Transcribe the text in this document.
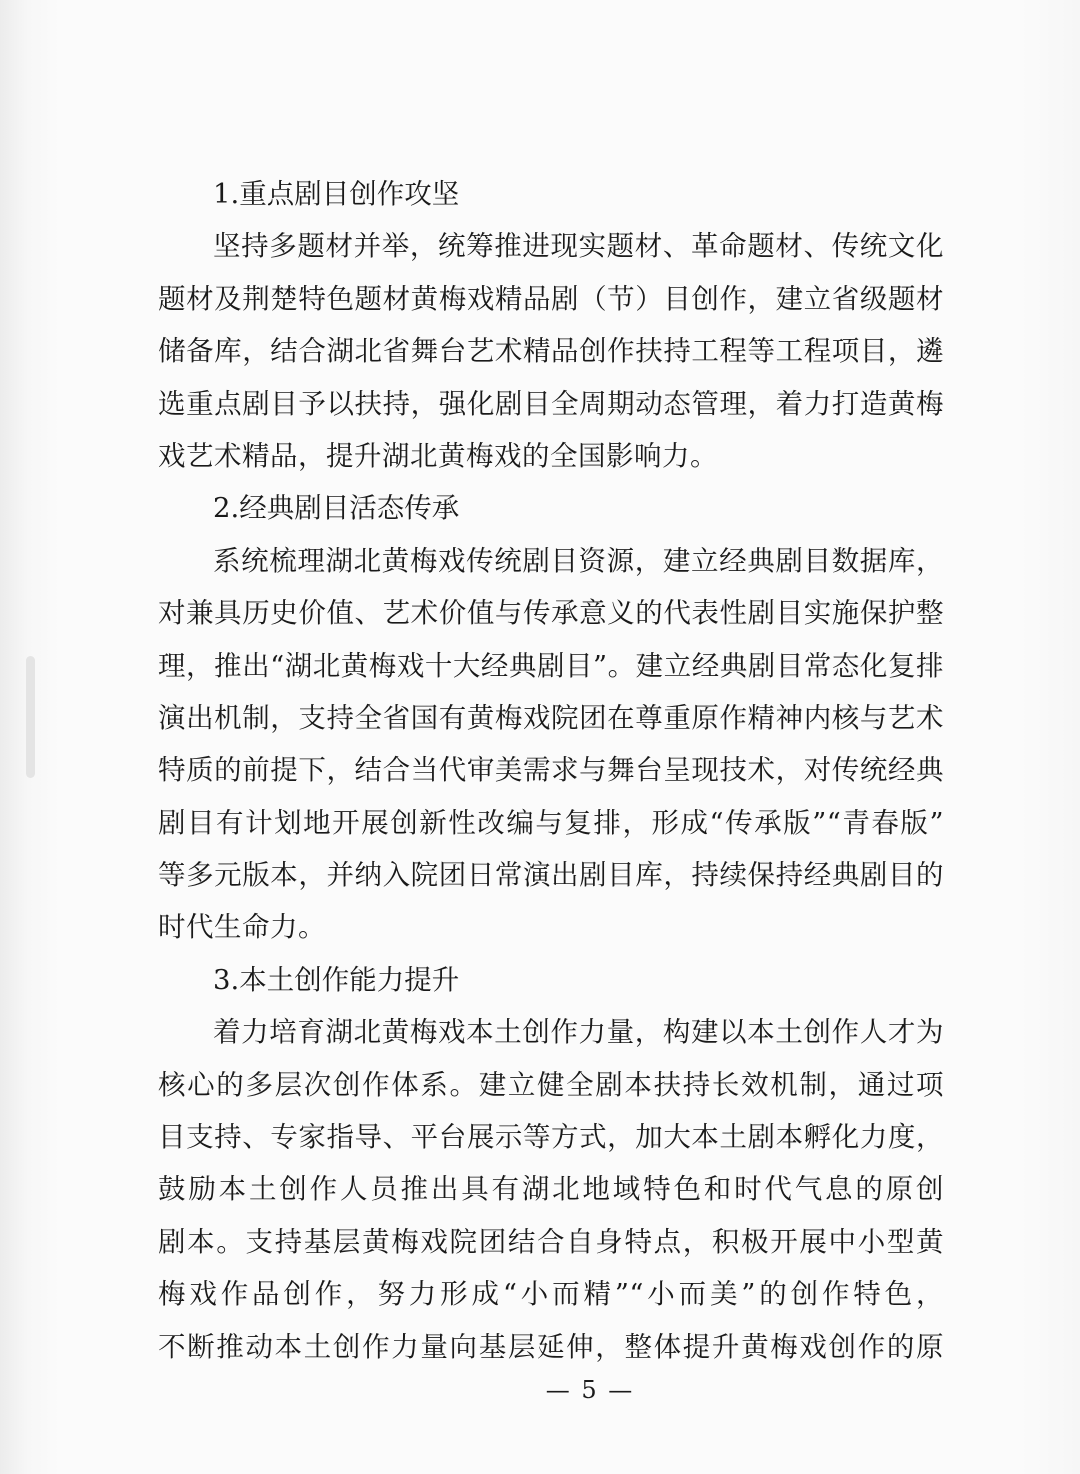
1.重点剧目创作攻坚
坚持多题材并举，统筹推进现实题材、革命题材、传统文化
题材及荆楚特色题材黄梅戏精品剧（节）目创作，建立省级题材
储备库，结合湖北省舞台艺术精品创作扶持工程等工程项目，遴
选重点剧目予以扶持，强化剧目全周期动态管理，着力打造黄梅
戏艺术精品，提升湖北黄梅戏的全国影响力。
2.经典剧目活态传承
系统梳理湖北黄梅戏传统剧目资源，建立经典剧目数据库，
对兼具历史价值、艺术价值与传承意义的代表性剧目实施保护整
理，推出“湖北黄梅戏十大经典剧目”。建立经典剧目常态化复排
演出机制，支持全省国有黄梅戏院团在尊重原作精神内核与艺术
特质的前提下，结合当代审美需求与舞台呈现技术，对传统经典
剧目有计划地开展创新性改编与复排，形成“传承版”“青春版”
等多元版本，并纳入院团日常演出剧目库，持续保持经典剧目的
时代生命力。
3.本土创作能力提升
着力培育湖北黄梅戏本土创作力量，构建以本土创作人才为
核心的多层次创作体系。建立健全剧本扶持长效机制，通过项
目支持、专家指导、平台展示等方式，加大本土剧本孵化力度，
鼓励本土创作人员推出具有湖北地域特色和时代气息的原创
剧本。支持基层黄梅戏院团结合自身特点，积极开展中小型黄
梅戏作品创作，努力形成“小而精”“小而美”的创作特色，
不断推动本土创作力量向基层延伸，整体提升黄梅戏创作的原
— 5 —
